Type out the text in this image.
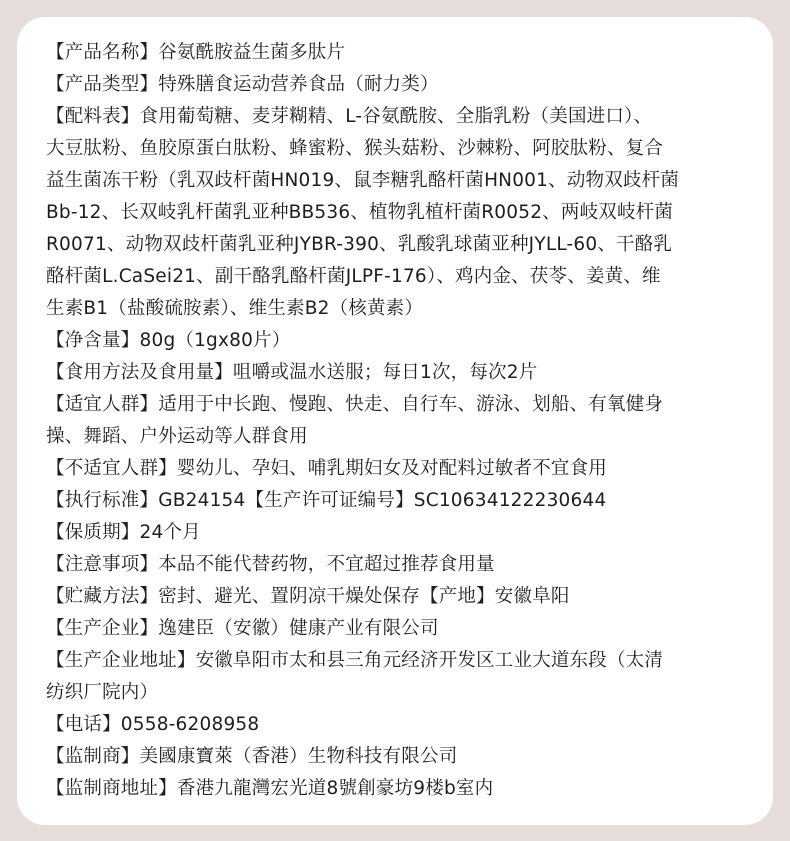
【产品名称】谷氨酰胺益生菌多肽片
【产品类型】特殊膳食运动营养食品（耐力类）
【配料表】食用葡萄糖、麦芽糊精、L-谷氨酰胺、全脂乳粉（美国进口）、
大豆肽粉、鱼胶原蛋白肽粉、蜂蜜粉、猴头菇粉、沙棘粉、阿胶肽粉、复合
益生菌冻干粉（乳双歧杆菌HN019、鼠李糖乳酪杆菌HN001、动物双歧杆菌
Bb-12、长双岐乳杆菌乳亚种BB536、植物乳植杆菌R0052、两岐双岐杆菌
R0071、动物双歧杆菌乳亚种JYBR-390、乳酸乳球菌亚种JYLL-60、干酪乳
酪杆菌L.CaSei21、副干酪乳酪杆菌JLPF-176）、鸡内金、茯苓、姜黄、维
生素B1（盐酸硫胺素）、维生素B2（核黄素）
【净含量】80g（1gx80片）
【食用方法及食用量】咀嚼或温水送服；每日1次，每次2片
【适宜人群】适用于中长跑、慢跑、快走、自行车、游泳、划船、有氧健身
操、舞蹈、户外运动等人群食用
【不适宜人群】婴幼儿、孕妇、哺乳期妇女及对配料过敏者不宜食用
【执行标准】GB24154【生产许可证编号】SC10634122230644
【保质期】24个月
【注意事项】本品不能代替药物，不宜超过推荐食用量
【贮藏方法】密封、避光、置阴凉干燥处保存【产地】安徽阜阳
【生产企业】逸建臣（安徽）健康产业有限公司
【生产企业地址】安徽阜阳市太和县三角元经济开发区工业大道东段（太清
纺织厂院内）
【电话】0558-6208958
【监制商】美國康寶萊（香港）生物科技有限公司
【监制商地址】香港九龍灣宏光道8號創豪坊9楼b室内
